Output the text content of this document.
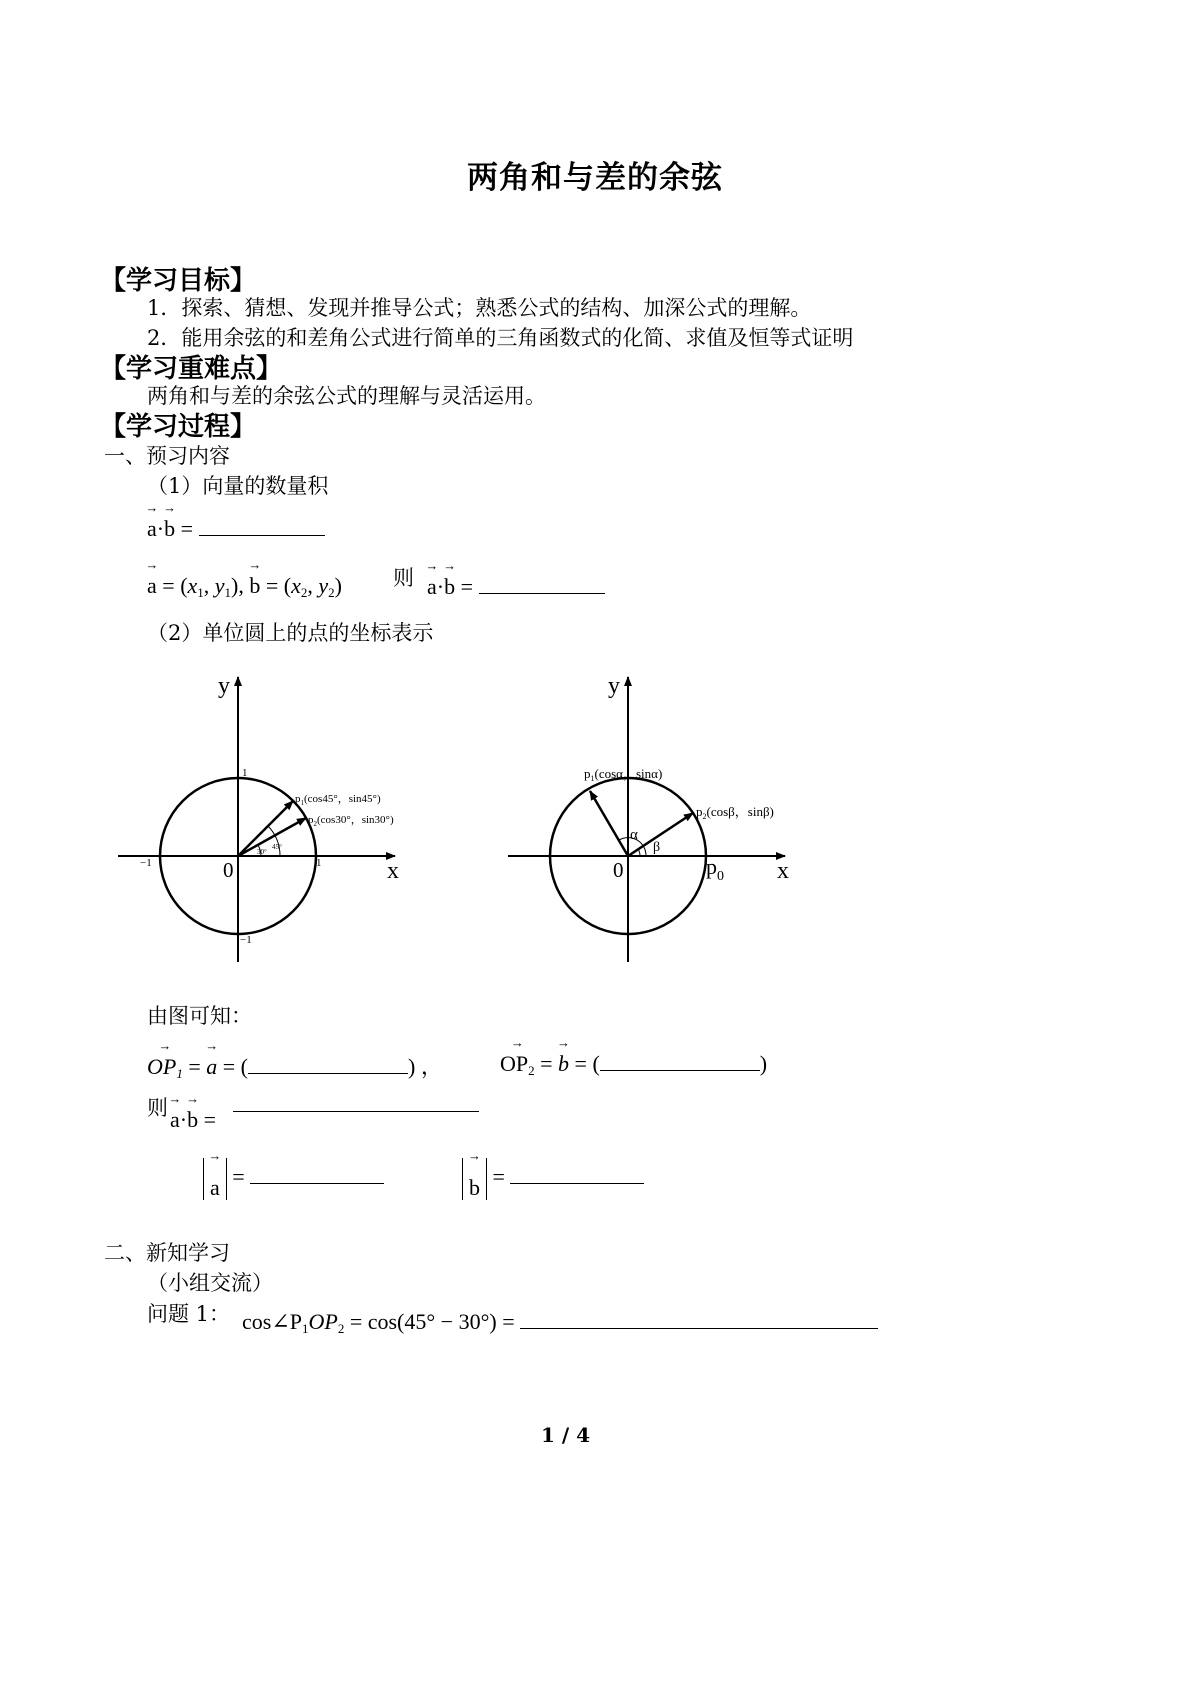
两角和与差的余弦
【学习目标】
1．探索、猜想、发现并推导公式；熟悉公式的结构、加深公式的理解。
2．能用余弦的和差角公式进行简单的三角函数式的化简、求值及恒等式证明
【学习重难点】
两角和与差的余弦公式的理解与灵活运用。
【学习过程】
一、预习内容
（1）向量的数量积
→ a·→ b =
→ $a = (x_1$, $y_1$), → $b = (x_2$, $y_2$) 则 → a·→ b =
（2）单位圆上的点的坐标表示
y
x
0
1
1
−1
−1
30°
45°
$p_1(\cos 45^\circ$，sin45°)
$p_2(\cos 30^\circ$，sin30°)
y
x
0
α
β
$p_0$
$p_1(\cos\alpha$，sinα)
$p_2(\cos\beta$，sinβ)
由图可知：
→ $OP_1$ = → a = (	) ，	→ $OP_2$ = → b = (	)
则 → a·→ b =
→ a =	→ b =
二、新知学习
（小组交流）
问题 1： $\cos\angle P_1OP_2 = \cos(45^\circ - 30^\circ)$ =
1 / 4
